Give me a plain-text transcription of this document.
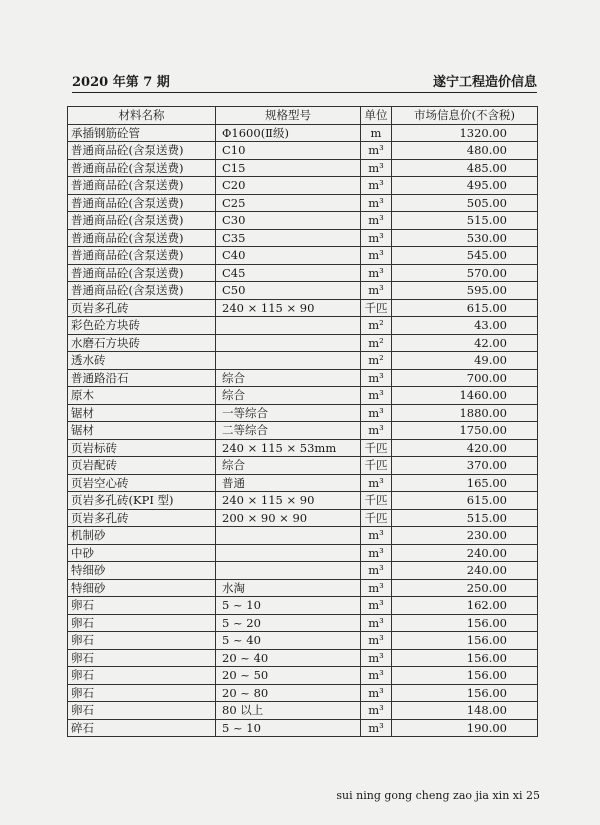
2020 年第 7 期	遂宁工程造价信息
材料名称	规格型号	单位	市场信息价(不含税)
承插钢筋砼管	Φ1600(Ⅱ级)	m	1320.00
普通商品砼(含泵送费)	C10	m³	480.00
普通商品砼(含泵送费)	C15	m³	485.00
普通商品砼(含泵送费)	C20	m³	495.00
普通商品砼(含泵送费)	C25	m³	505.00
普通商品砼(含泵送费)	C30	m³	515.00
普通商品砼(含泵送费)	C35	m³	530.00
普通商品砼(含泵送费)	C40	m³	545.00
普通商品砼(含泵送费)	C45	m³	570.00
普通商品砼(含泵送费)	C50	m³	595.00
页岩多孔砖	240 × 115 × 90	千匹	615.00
彩色砼方块砖		m²	43.00
水磨石方块砖		m²	42.00
透水砖		m²	49.00
普通路沿石	综合	m³	700.00
原木	综合	m³	1460.00
锯材	一等综合	m³	1880.00
锯材	二等综合	m³	1750.00
页岩标砖	240 × 115 × 53mm	千匹	420.00
页岩配砖	综合	千匹	370.00
页岩空心砖	普通	m³	165.00
页岩多孔砖(KPI 型)	240 × 115 × 90	千匹	615.00
页岩多孔砖	200 × 90 × 90	千匹	515.00
机制砂		m³	230.00
中砂		m³	240.00
特细砂		m³	240.00
特细砂	水淘	m³	250.00
卵石	5 ~ 10	m³	162.00
卵石	5 ~ 20	m³	156.00
卵石	5 ~ 40	m³	156.00
卵石	20 ~ 40	m³	156.00
卵石	20 ~ 50	m³	156.00
卵石	20 ~ 80	m³	156.00
卵石	80 以上	m³	148.00
碎石	5 ~ 10	m³	190.00
sui ning gong cheng zao jia xin xi 25
